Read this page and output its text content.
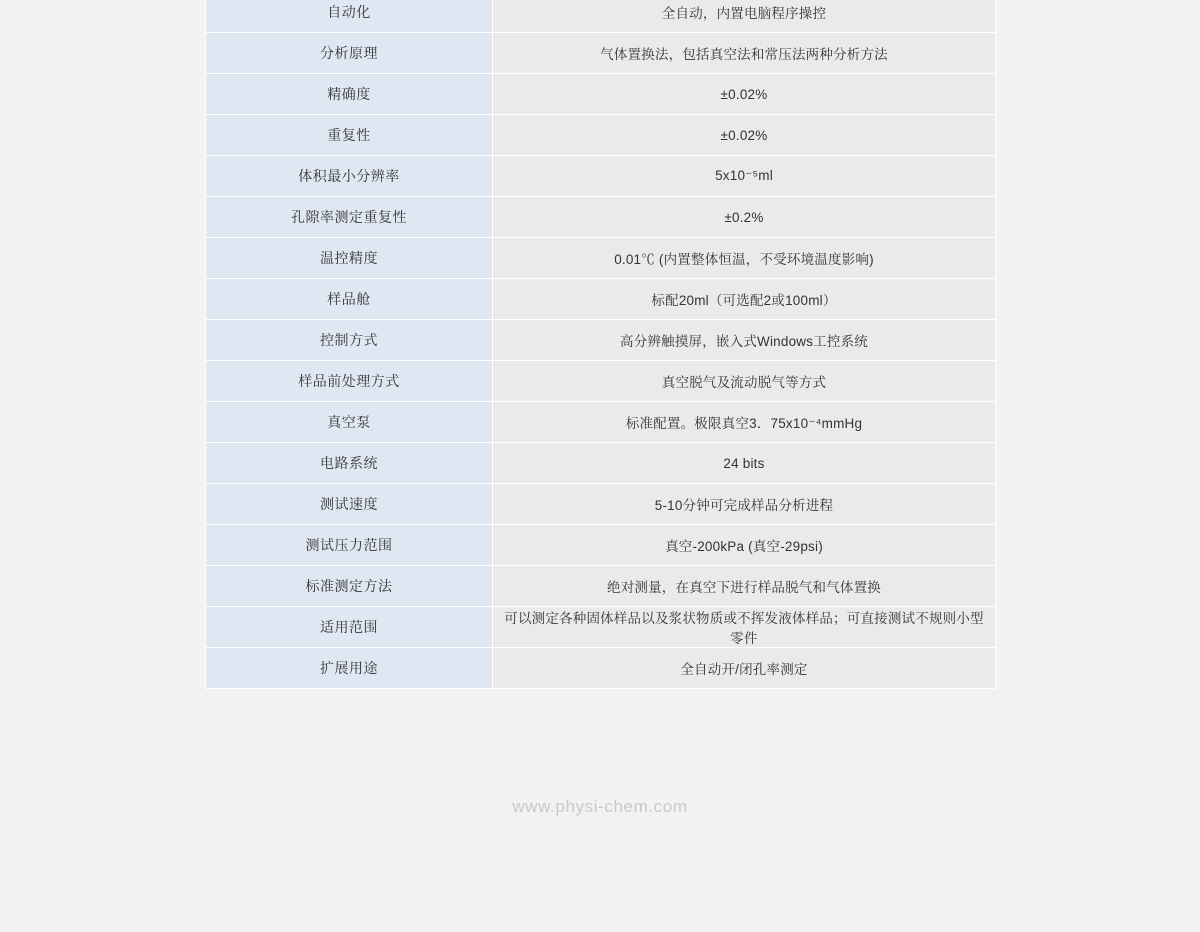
自动化	全自动，内置电脑程序操控
分析原理	气体置换法，包括真空法和常压法两种分析方法
精确度	±0.02%
重复性	±0.02%
体积最小分辨率	5x10⁻⁵ml
孔隙率测定重复性	±0.2%
温控精度	0.01℃ (内置整体恒温，不受环境温度影响)
样品舱	标配20ml（可选配2或100ml）
控制方式	高分辨触摸屏，嵌入式Windows工控系统
样品前处理方式	真空脱气及流动脱气等方式
真空泵	标准配置。极限真空3．75x10⁻⁴mmHg
电路系统	24 bits
测试速度	5-10分钟可完成样品分析进程
测试压力范围	真空-200kPa (真空-29psi)
标准测定方法	绝对测量，在真空下进行样品脱气和气体置换
适用范围	可以测定各种固体样品以及浆状物质或不挥发液体样品；可直接测试不规则小型零件
扩展用途	全自动开/闭孔率测定
www.physi-chem.com
